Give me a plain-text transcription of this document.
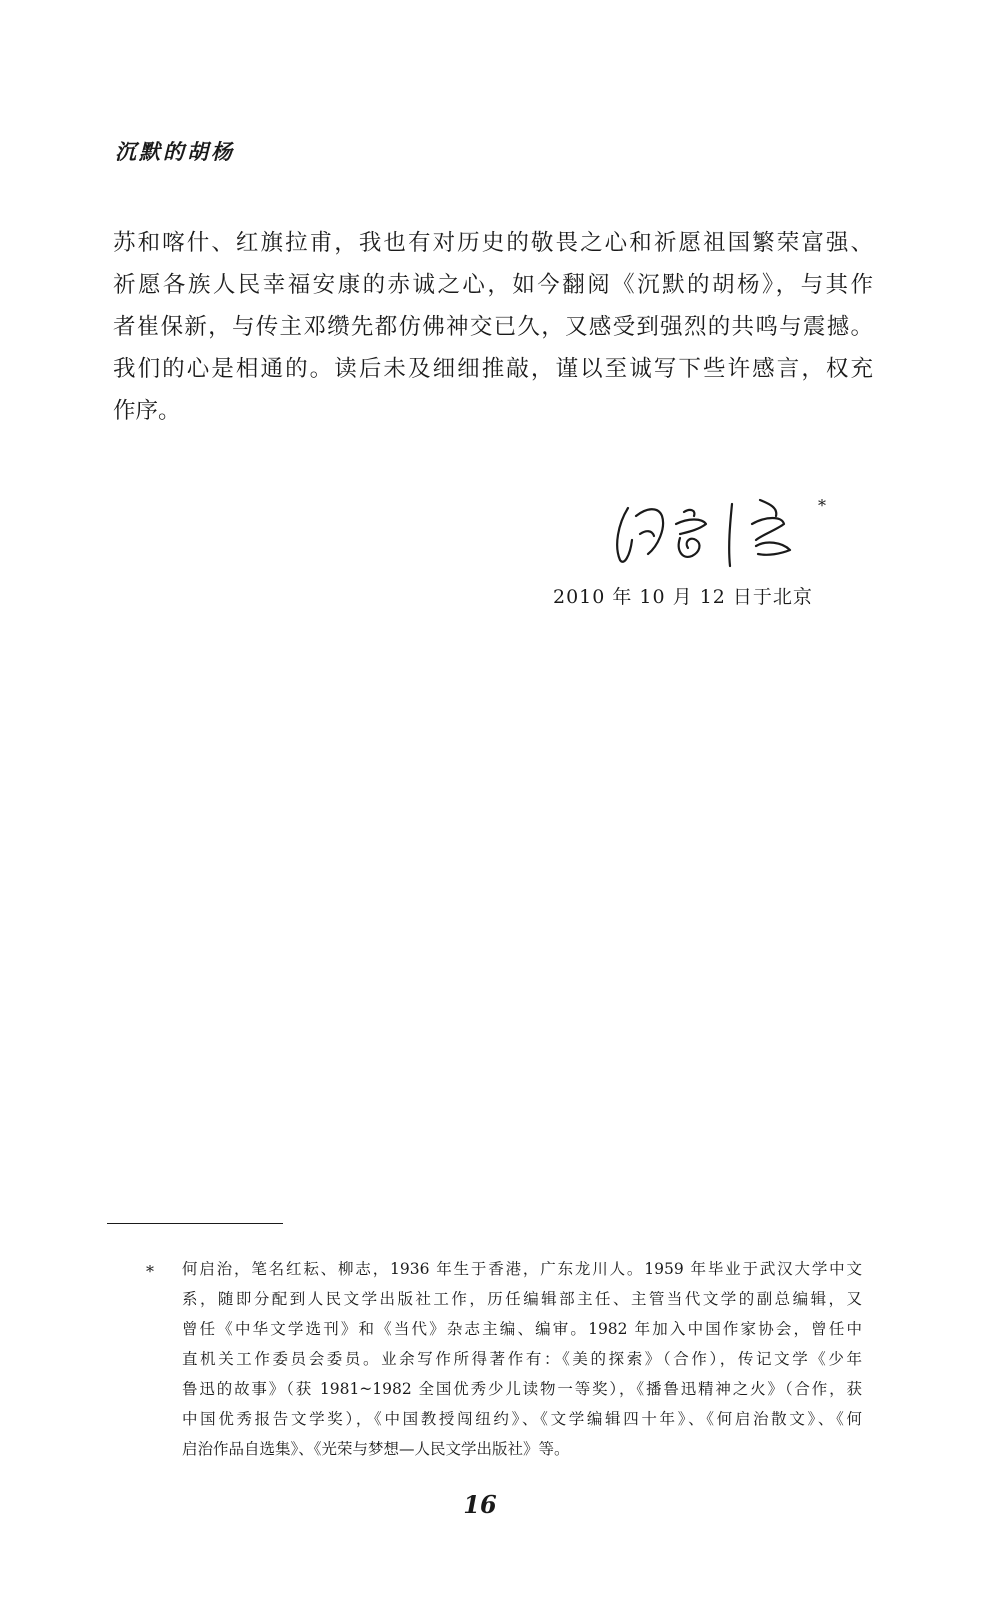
沉默的胡杨
苏和喀什、红旗拉甫，我也有对历史的敬畏之心和祈愿祖国繁荣富强、
祈愿各族人民幸福安康的赤诚之心，如今翻阅《沉默的胡杨》，与其作
者崔保新，与传主邓缵先都仿佛神交已久，又感受到强烈的共鸣与震撼。
我们的心是相通的。读后未及细细推敲，谨以至诚写下些许感言，权充
作序。
*
2010 年 10 月 12 日于北京
* 何启治，笔名红耘、柳志，1936 年生于香港，广东龙川人。1959 年毕业于武汉大学中文
系，随即分配到人民文学出版社工作，历任编辑部主任、主管当代文学的副总编辑，又
曾任《中华文学选刊》和《当代》杂志主编、编审。1982 年加入中国作家协会，曾任中
直机关工作委员会委员。业余写作所得著作有：《美的探索》（合作），传记文学《少年
鲁迅的故事》（获 1981~1982 全国优秀少儿读物一等奖），《播鲁迅精神之火》（合作，获
中国优秀报告文学奖），《中国教授闯纽约》、《文学编辑四十年》、《何启治散文》、《何
启治作品自选集》、《光荣与梦想—人民文学出版社》等。
16
